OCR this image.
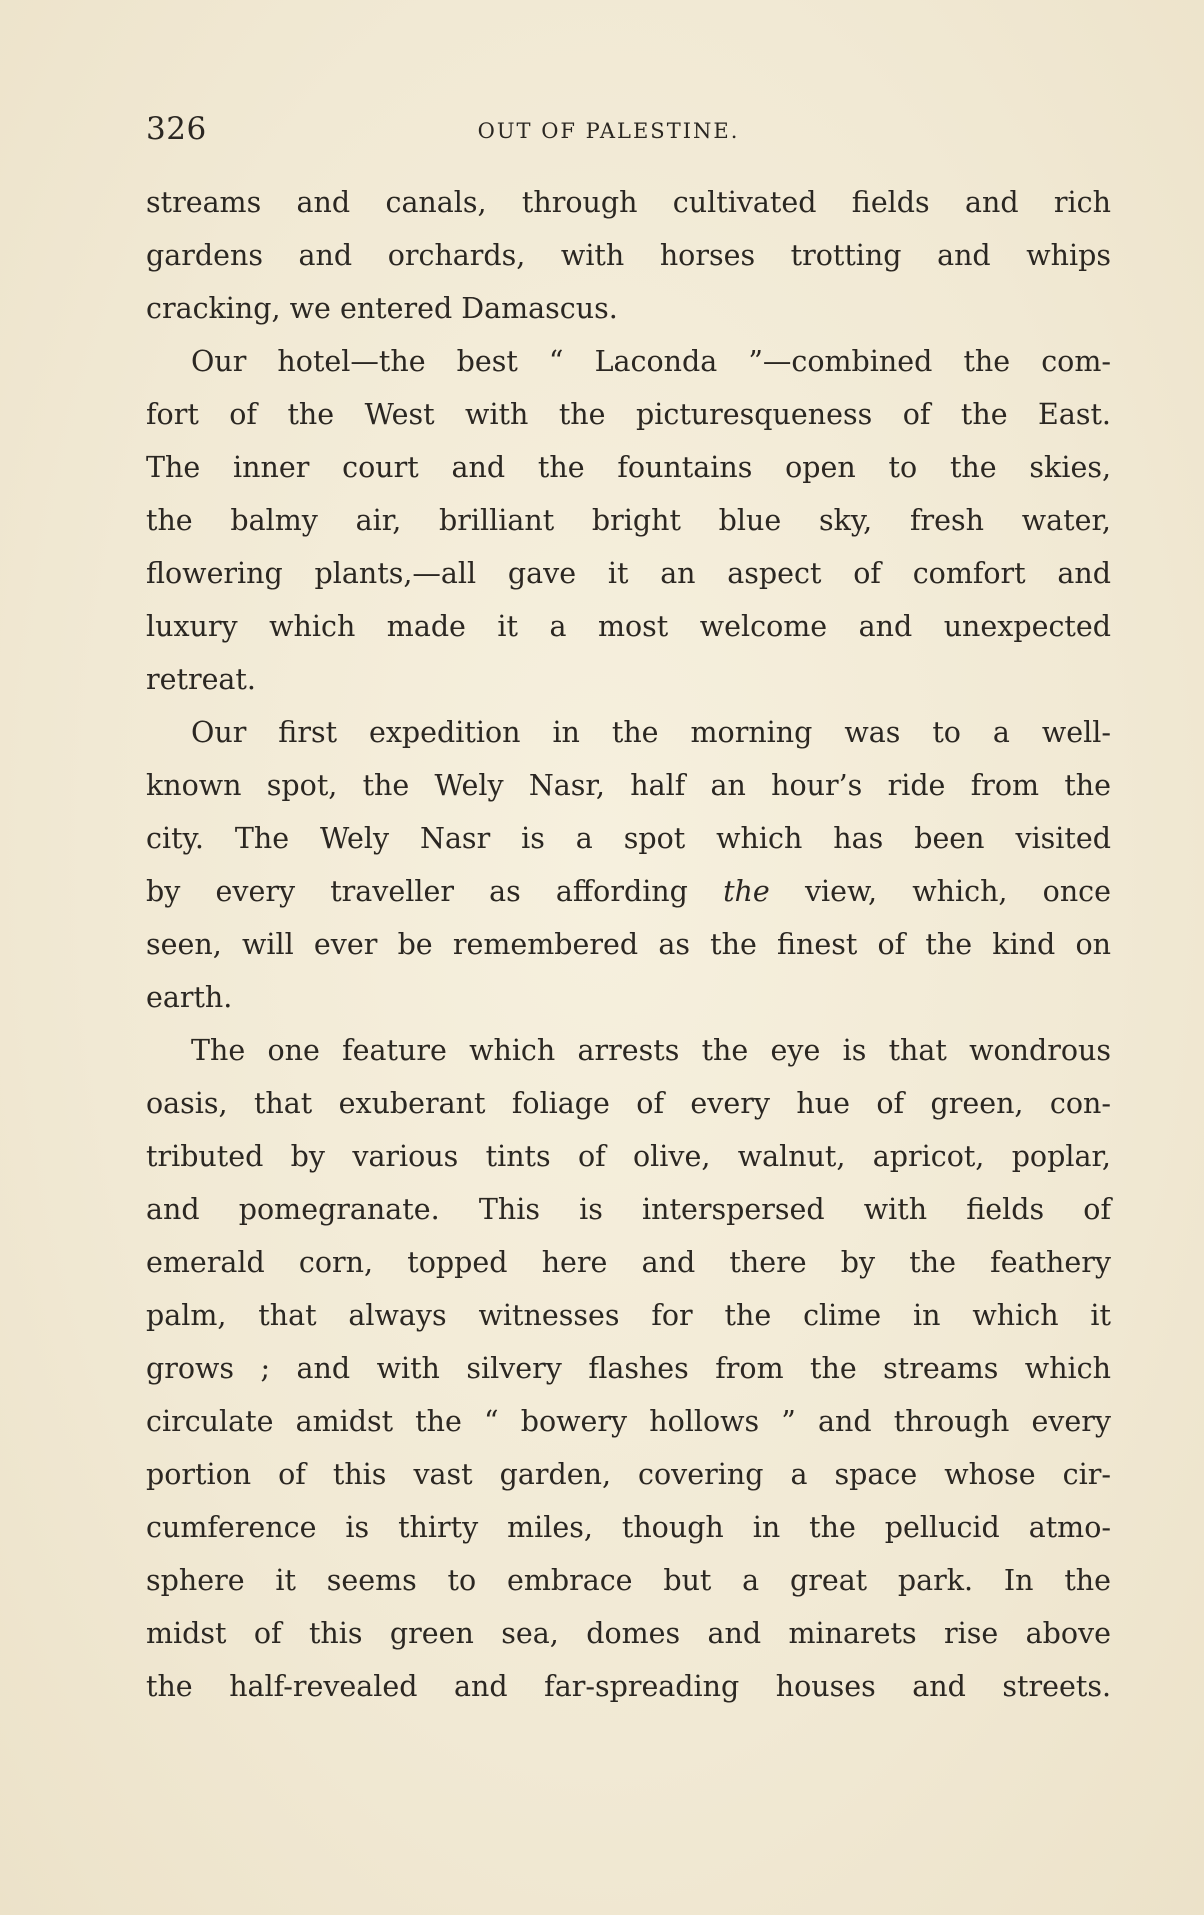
326	OUT OF PALESTINE.

streams and canals, through cultivated fields and rich
gardens and orchards, with horses trotting and whips
cracking, we entered Damascus.

Our hotel—the best “ Laconda ”—combined the com-
fort of the West with the picturesqueness of the East.
The inner court and the fountains open to the skies,
the balmy air, brilliant bright blue sky, fresh water,
flowering plants,—all gave it an aspect of comfort and
luxury which made it a most welcome and unexpected
retreat.

Our first expedition in the morning was to a well-
known spot, the Wely Nasr, half an hour’s ride from the
city. The Wely Nasr is a spot which has been visited
by every traveller as affording the view, which, once
seen, will ever be remembered as the finest of the kind on
earth.

The one feature which arrests the eye is that wondrous
oasis, that exuberant foliage of every hue of green, con-
tributed by various tints of olive, walnut, apricot, poplar,
and pomegranate. This is interspersed with fields of
emerald corn, topped here and there by the feathery
palm, that always witnesses for the clime in which it
grows ; and with silvery flashes from the streams which
circulate amidst the “ bowery hollows ” and through every
portion of this vast garden, covering a space whose cir-
cumference is thirty miles, though in the pellucid atmo-
sphere it seems to embrace but a great park. In the
midst of this green sea, domes and minarets rise above
the half-revealed and far-spreading houses and streets.
